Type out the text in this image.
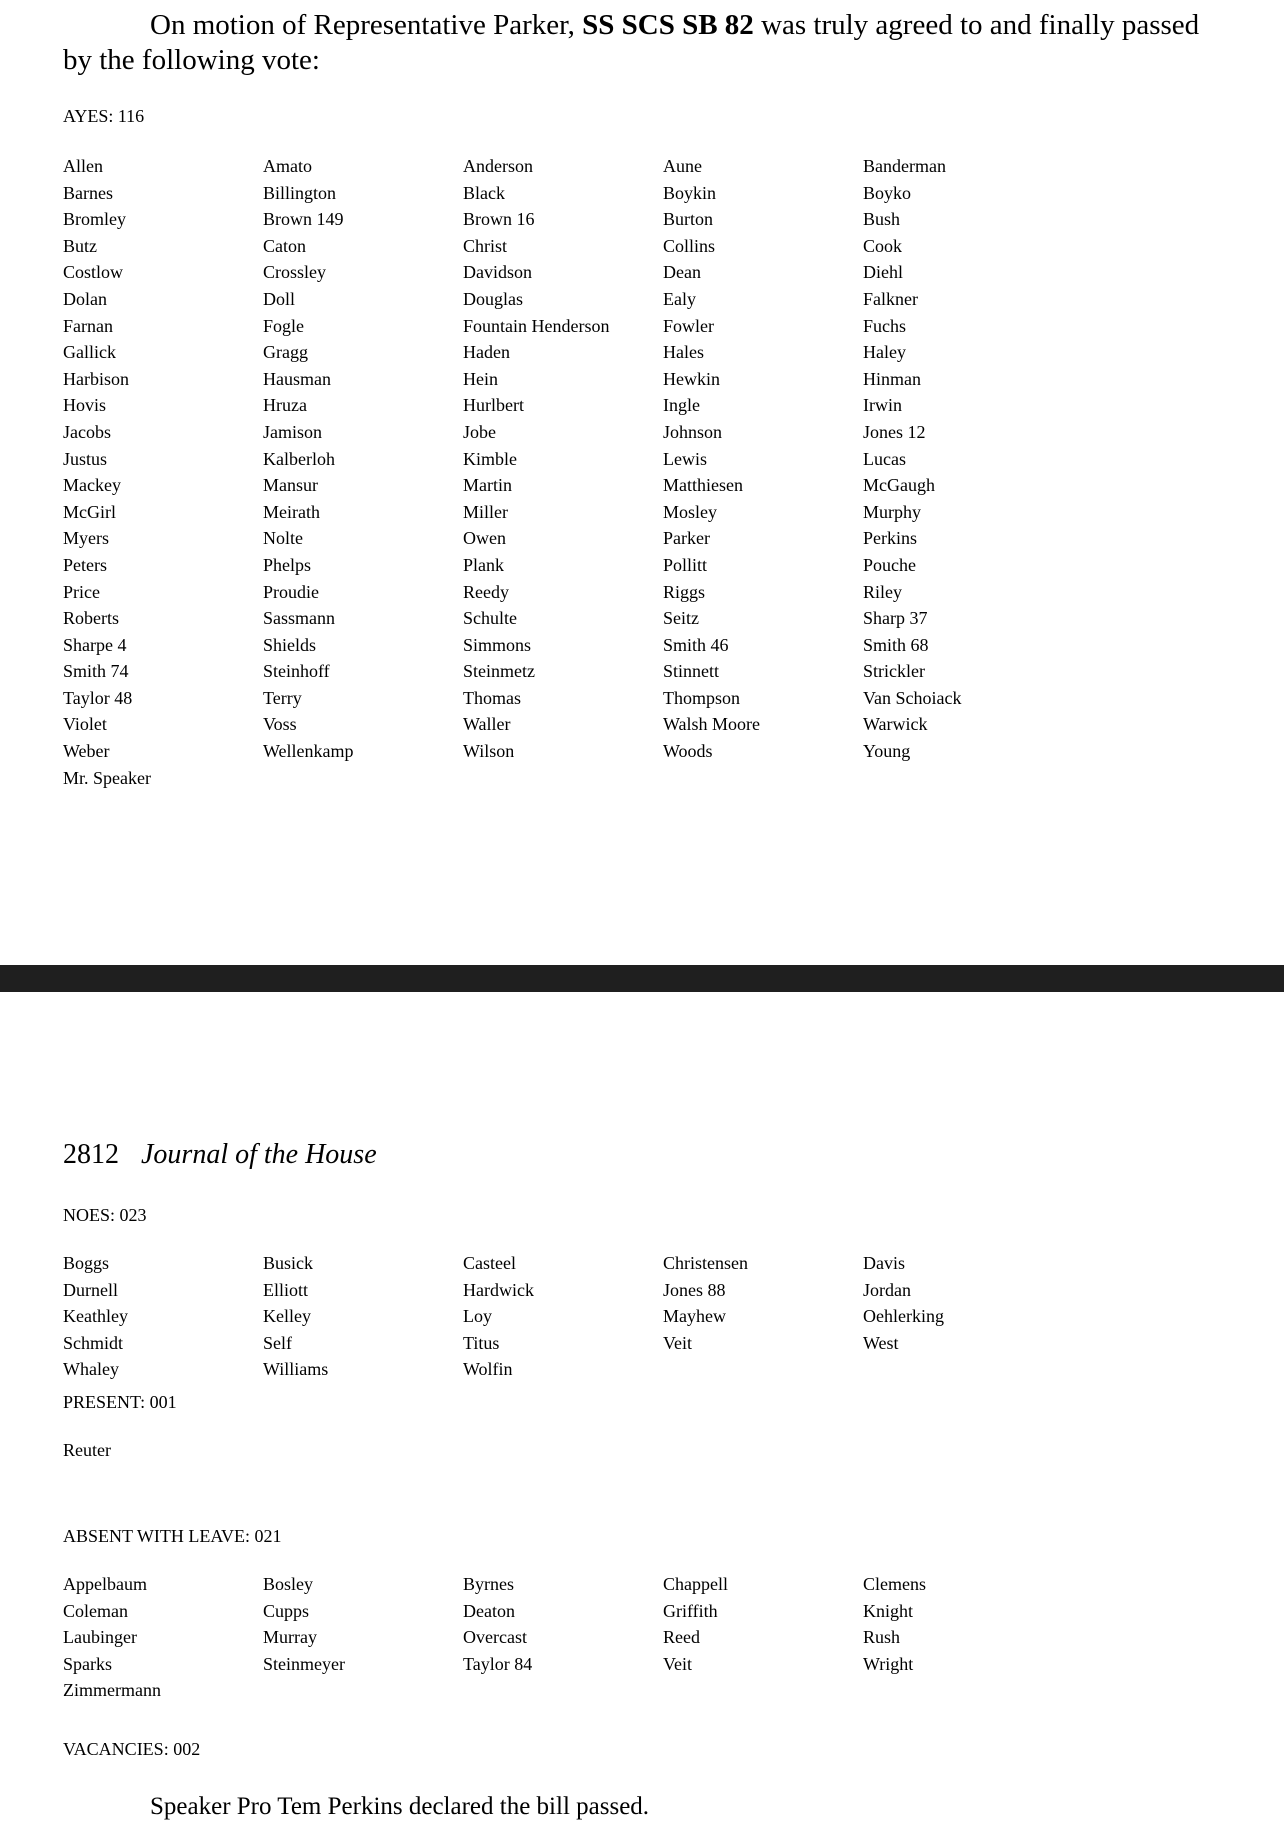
On motion of Representative Parker, SS SCS SB 82 was truly agreed to and finally passed by the following vote:

AYES: 116

Allen	Amato	Anderson	Aune	Banderman
Barnes	Billington	Black	Boykin	Boyko
Bromley	Brown 149	Brown 16	Burton	Bush
Butz	Caton	Christ	Collins	Cook
Costlow	Crossley	Davidson	Dean	Diehl
Dolan	Doll	Douglas	Ealy	Falkner
Farnan	Fogle	Fountain Henderson	Fowler	Fuchs
Gallick	Gragg	Haden	Hales	Haley
Harbison	Hausman	Hein	Hewkin	Hinman
Hovis	Hruza	Hurlbert	Ingle	Irwin
Jacobs	Jamison	Jobe	Johnson	Jones 12
Justus	Kalberloh	Kimble	Lewis	Lucas
Mackey	Mansur	Martin	Matthiesen	McGaugh
McGirl	Meirath	Miller	Mosley	Murphy
Myers	Nolte	Owen	Parker	Perkins
Peters	Phelps	Plank	Pollitt	Pouche
Price	Proudie	Reedy	Riggs	Riley
Roberts	Sassmann	Schulte	Seitz	Sharp 37
Sharpe 4	Shields	Simmons	Smith 46	Smith 68
Smith 74	Steinhoff	Steinmetz	Stinnett	Strickler
Taylor 48	Terry	Thomas	Thompson	Van Schoiack
Violet	Voss	Waller	Walsh Moore	Warwick
Weber	Wellenkamp	Wilson	Woods	Young
Mr. Speaker
2812 Journal of the House

NOES: 023

Boggs	Busick	Casteel	Christensen	Davis
Durnell	Elliott	Hardwick	Jones 88	Jordan
Keathley	Kelley	Loy	Mayhew	Oehlerking
Schmidt	Self	Titus	Veit	West
Whaley	Williams	Wolfin

PRESENT: 001

Reuter

ABSENT WITH LEAVE: 021

Appelbaum	Bosley	Byrnes	Chappell	Clemens
Coleman	Cupps	Deaton	Griffith	Knight
Laubinger	Murray	Overcast	Reed	Rush
Sparks	Steinmeyer	Taylor 84	Veit	Wright
Zimmermann

VACANCIES: 002

Speaker Pro Tem Perkins declared the bill passed.
